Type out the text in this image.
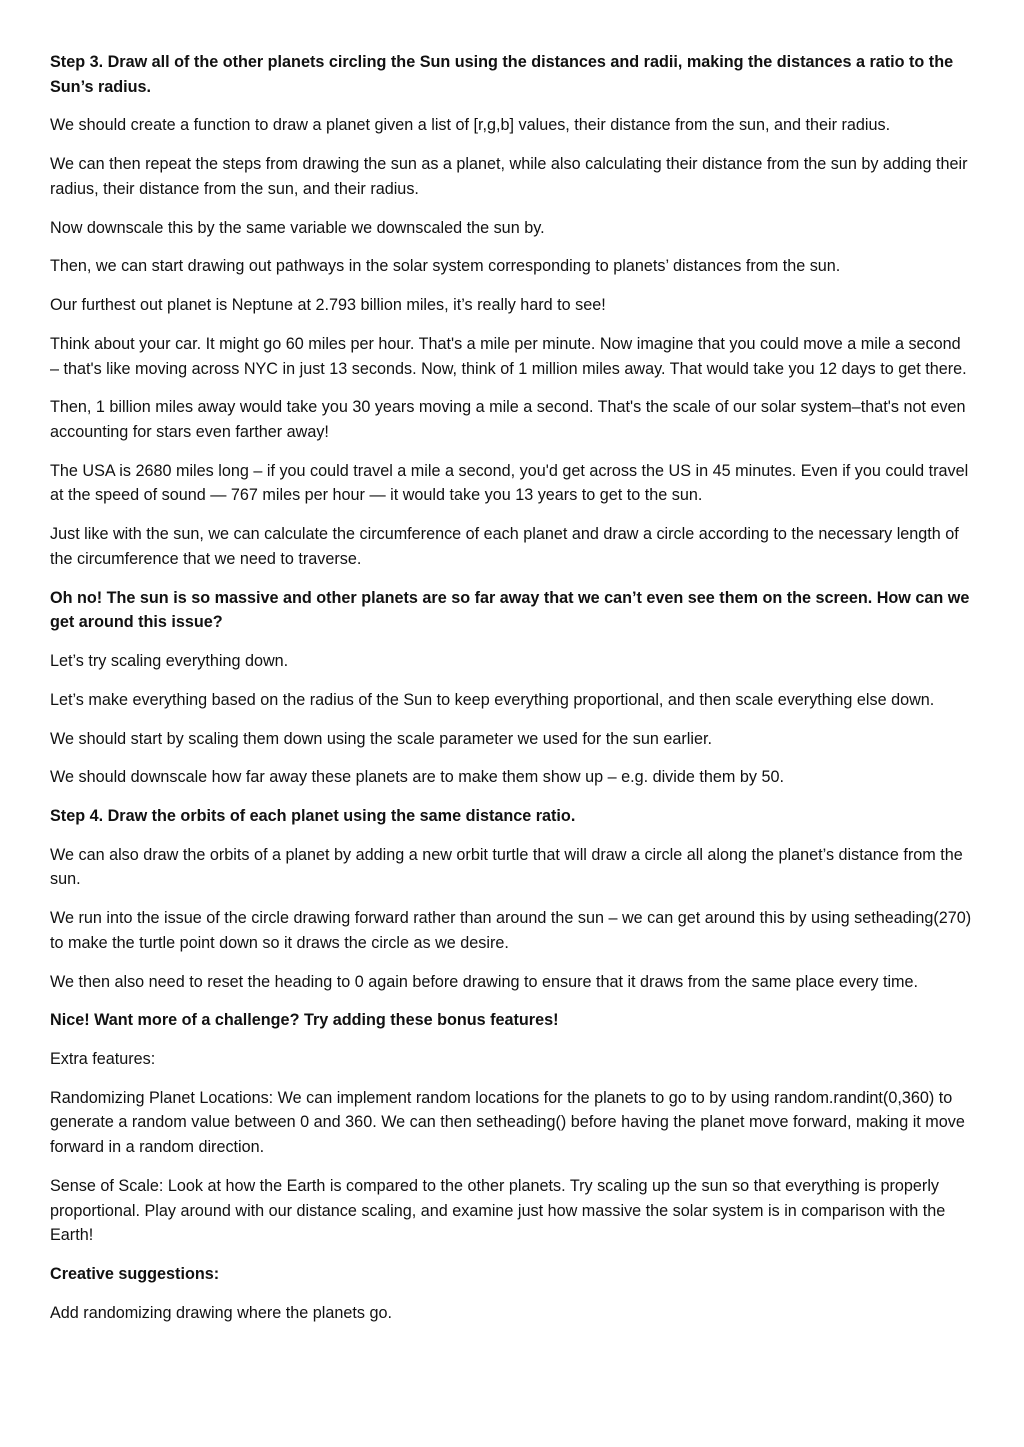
Step 3. Draw all of the other planets circling the Sun using the distances and radii, making the distances a ratio to the Sun’s radius.

We should create a function to draw a planet given a list of [r,g,b] values, their distance from the sun, and their radius.

We can then repeat the steps from drawing the sun as a planet, while also calculating their distance from the sun by adding their radius, their distance from the sun, and their radius.

Now downscale this by the same variable we downscaled the sun by.

Then, we can start drawing out pathways in the solar system corresponding to planets’ distances from the sun.

Our furthest out planet is Neptune at 2.793 billion miles, it’s really hard to see!

Think about your car. It might go 60 miles per hour. That's a mile per minute. Now imagine that you could move a mile a second – that's like moving across NYC in just 13 seconds. Now, think of 1 million miles away. That would take you 12 days to get there.

Then, 1 billion miles away would take you 30 years moving a mile a second. That's the scale of our solar system–that's not even accounting for stars even farther away!

The USA is 2680 miles long – if you could travel a mile a second, you'd get across the US in 45 minutes. Even if you could travel at the speed of sound — 767 miles per hour — it would take you 13 years to get to the sun.

Just like with the sun, we can calculate the circumference of each planet and draw a circle according to the necessary length of the circumference that we need to traverse.

Oh no! The sun is so massive and other planets are so far away that we can’t even see them on the screen. How can we get around this issue?

Let’s try scaling everything down.

Let’s make everything based on the radius of the Sun to keep everything proportional, and then scale everything else down.

We should start by scaling them down using the scale parameter we used for the sun earlier.

We should downscale how far away these planets are to make them show up – e.g. divide them by 50.

Step 4. Draw the orbits of each planet using the same distance ratio.

We can also draw the orbits of a planet by adding a new orbit turtle that will draw a circle all along the planet’s distance from the sun.

We run into the issue of the circle drawing forward rather than around the sun – we can get around this by using setheading(270) to make the turtle point down so it draws the circle as we desire.

We then also need to reset the heading to 0 again before drawing to ensure that it draws from the same place every time.

Nice! Want more of a challenge? Try adding these bonus features!

Extra features:

Randomizing Planet Locations: We can implement random locations for the planets to go to by using random.randint(0,360) to generate a random value between 0 and 360. We can then setheading() before having the planet move forward, making it move forward in a random direction.

Sense of Scale: Look at how the Earth is compared to the other planets. Try scaling up the sun so that everything is properly proportional. Play around with our distance scaling, and examine just how massive the solar system is in comparison with the Earth!

Creative suggestions:

Add randomizing drawing where the planets go.
